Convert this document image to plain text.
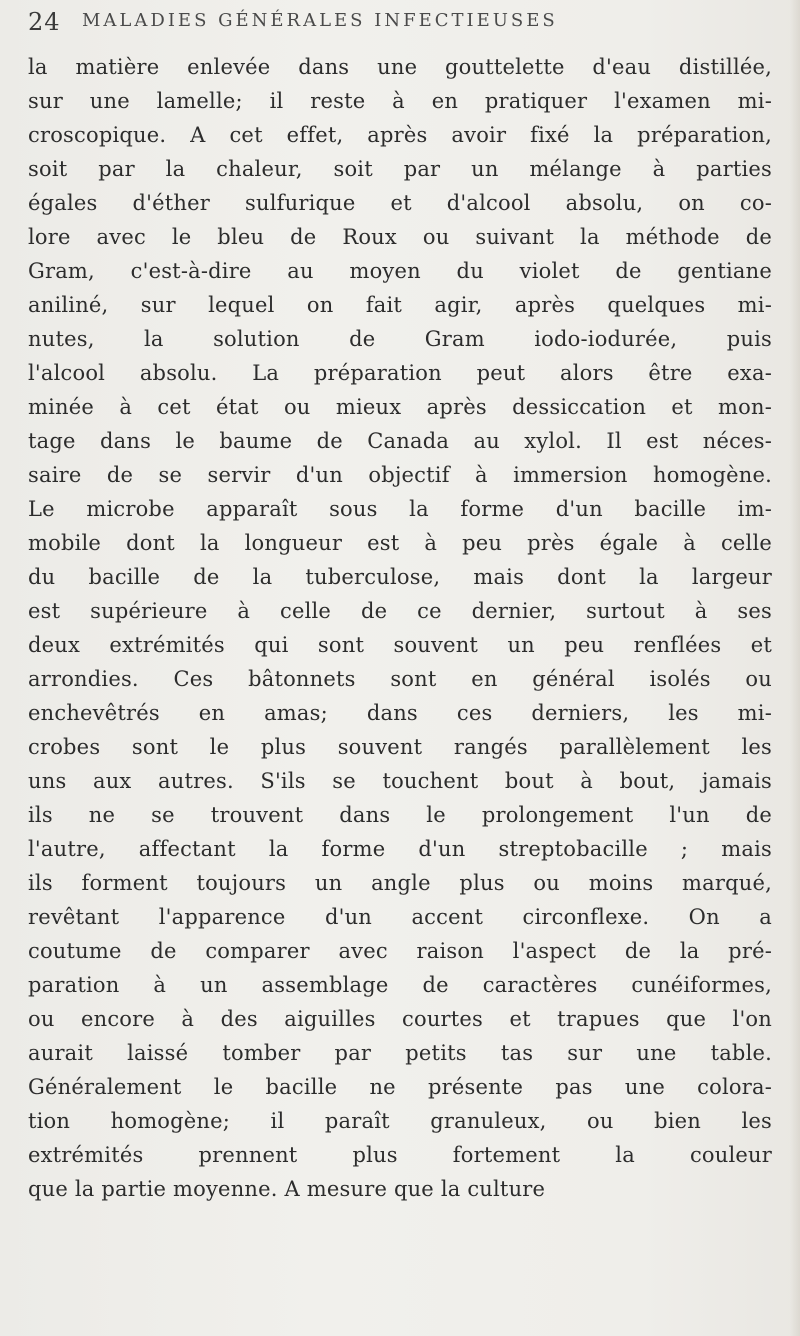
24 MALADIES GÉNÉRALES INFECTIEUSES
la matière enlevée dans une gouttelette d'eau distillée,
sur une lamelle; il reste à en pratiquer l'examen mi-
croscopique. A cet effet, après avoir fixé la préparation,
soit par la chaleur, soit par un mélange à parties
égales d'éther sulfurique et d'alcool absolu, on co-
lore avec le bleu de Roux ou suivant la méthode de
Gram, c'est-à-dire au moyen du violet de gentiane
aniliné, sur lequel on fait agir, après quelques mi-
nutes, la solution de Gram iodo-iodurée, puis
l'alcool absolu. La préparation peut alors être exa-
minée à cet état ou mieux après dessiccation et mon-
tage dans le baume de Canada au xylol. Il est néces-
saire de se servir d'un objectif à immersion homogène.
Le microbe apparaît sous la forme d'un bacille im-
mobile dont la longueur est à peu près égale à celle
du bacille de la tuberculose, mais dont la largeur
est supérieure à celle de ce dernier, surtout à ses
deux extrémités qui sont souvent un peu renflées et
arrondies. Ces bâtonnets sont en général isolés ou
enchevêtrés en amas; dans ces derniers, les mi-
crobes sont le plus souvent rangés parallèlement les
uns aux autres. S'ils se touchent bout à bout, jamais
ils ne se trouvent dans le prolongement l'un de
l'autre, affectant la forme d'un streptobacille ; mais
ils forment toujours un angle plus ou moins marqué,
revêtant l'apparence d'un accent circonflexe. On a
coutume de comparer avec raison l'aspect de la pré-
paration à un assemblage de caractères cunéiformes,
ou encore à des aiguilles courtes et trapues que l'on
aurait laissé tomber par petits tas sur une table.
Généralement le bacille ne présente pas une colora-
tion homogène; il paraît granuleux, ou bien les
extrémités prennent plus fortement la couleur
que la partie moyenne. A mesure que la culture
